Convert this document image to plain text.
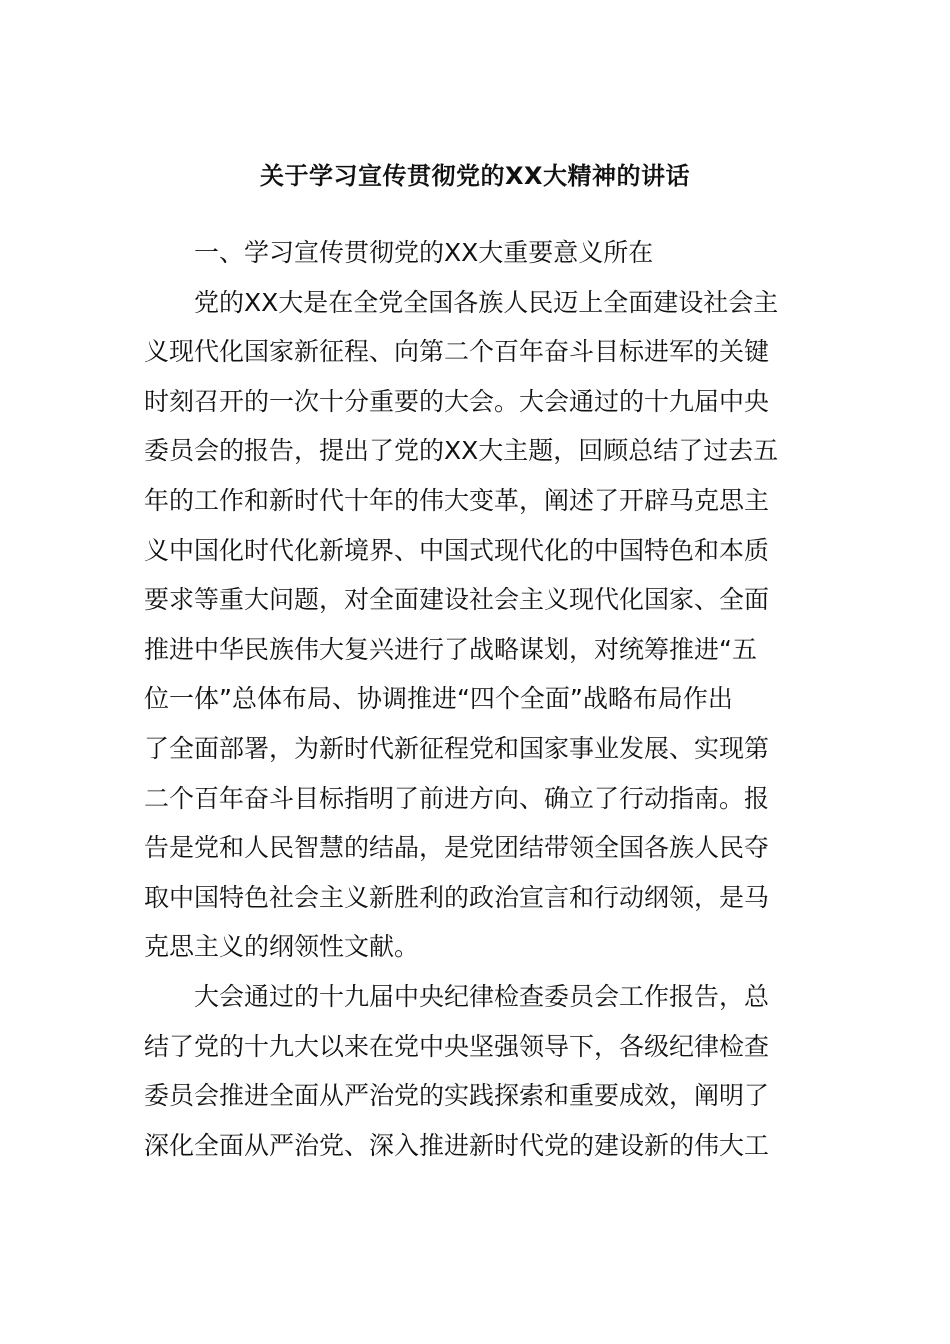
关于学习宣传贯彻党的XX大精神的讲话

一、学习宣传贯彻党的XX大重要意义所在

党的XX大是在全党全国各族人民迈上全面建设社会主
义现代化国家新征程、向第二个百年奋斗目标进军的关键
时刻召开的一次十分重要的大会。大会通过的十九届中央
委员会的报告，提出了党的XX大主题，回顾总结了过去五
年的工作和新时代十年的伟大变革，阐述了开辟马克思主
义中国化时代化新境界、中国式现代化的中国特色和本质
要求等重大问题，对全面建设社会主义现代化国家、全面
推进中华民族伟大复兴进行了战略谋划，对统筹推进“五
位一体”总体布局、协调推进“四个全面”战略布局作出
了全面部署，为新时代新征程党和国家事业发展、实现第
二个百年奋斗目标指明了前进方向、确立了行动指南。报
告是党和人民智慧的结晶，是党团结带领全国各族人民夺
取中国特色社会主义新胜利的政治宣言和行动纲领，是马
克思主义的纲领性文献。

大会通过的十九届中央纪律检查委员会工作报告，总
结了党的十九大以来在党中央坚强领导下，各级纪律检查
委员会推进全面从严治党的实践探索和重要成效，阐明了
深化全面从严治党、深入推进新时代党的建设新的伟大工
